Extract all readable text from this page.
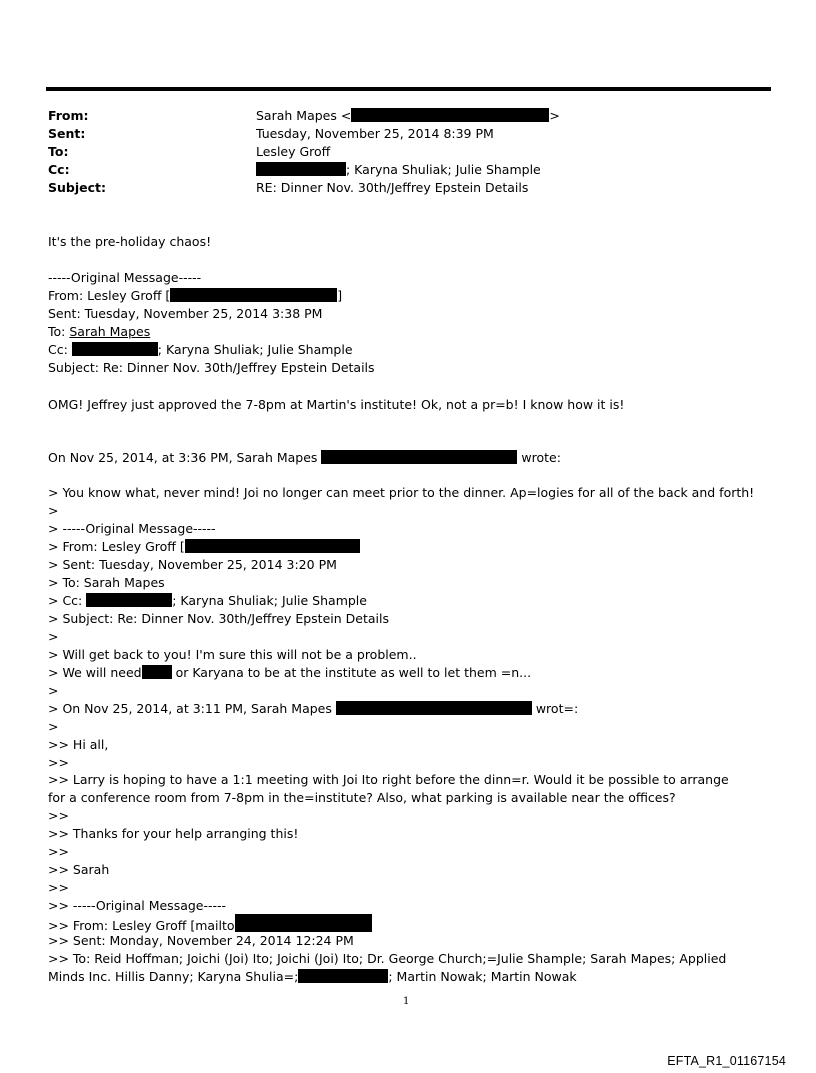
From:	Sarah Mapes <	>
Sent:	Tuesday, November 25, 2014 8:39 PM
To:	Lesley Groff
Cc:	; Karyna Shuliak; Julie Shample
Subject:	RE: Dinner Nov. 30th/Jeffrey Epstein Details
It's the pre-holiday chaos!
-----Original Message-----
From: Lesley Groff [	]
Sent: Tuesday, November 25, 2014 3:38 PM
To: Sarah Mapes
Cc:	; Karyna Shuliak; Julie Shample
Subject: Re: Dinner Nov. 30th/Jeffrey Epstein Details
OMG! Jeffrey just approved the 7-8pm at Martin's institute! Ok, not a pr=b! I know how it is!
On Nov 25, 2014, at 3:36 PM, Sarah Mapes	wrote:
> You know what, never mind! Joi no longer can meet prior to the dinner. Ap=logies for all of the back and forth!
>
> -----Original Message-----
> From: Lesley Groff [
> Sent: Tuesday, November 25, 2014 3:20 PM
> To: Sarah Mapes
> Cc:	; Karyna Shuliak; Julie Shample
> Subject: Re: Dinner Nov. 30th/Jeffrey Epstein Details
>
> Will get back to you! I'm sure this will not be a problem..
> We will need or Karyana to be at the institute as well to let them =n...
>
> On Nov 25, 2014, at 3:11 PM, Sarah Mapes	wrot=:
>
>> Hi all,
>>
>> Larry is hoping to have a 1:1 meeting with Joi Ito right before the dinn=r. Would it be possible to arrange for a conference room from 7-8pm in the=institute? Also, what parking is available near the offices?
>>
>> Thanks for your help arranging this!
>>
>> Sarah
>>
>> -----Original Message-----
>> From: Lesley Groff [mailto
>> Sent: Monday, November 24, 2014 12:24 PM
>> To: Reid Hoffman; Joichi (Joi) Ito; Joichi (Joi) Ito; Dr. George Church;=Julie Shample; Sarah Mapes; Applied Minds Inc. Hillis Danny; Karyna Shulia=;	; Martin Nowak; Martin Nowak
1
EFTA_R1_01167154
